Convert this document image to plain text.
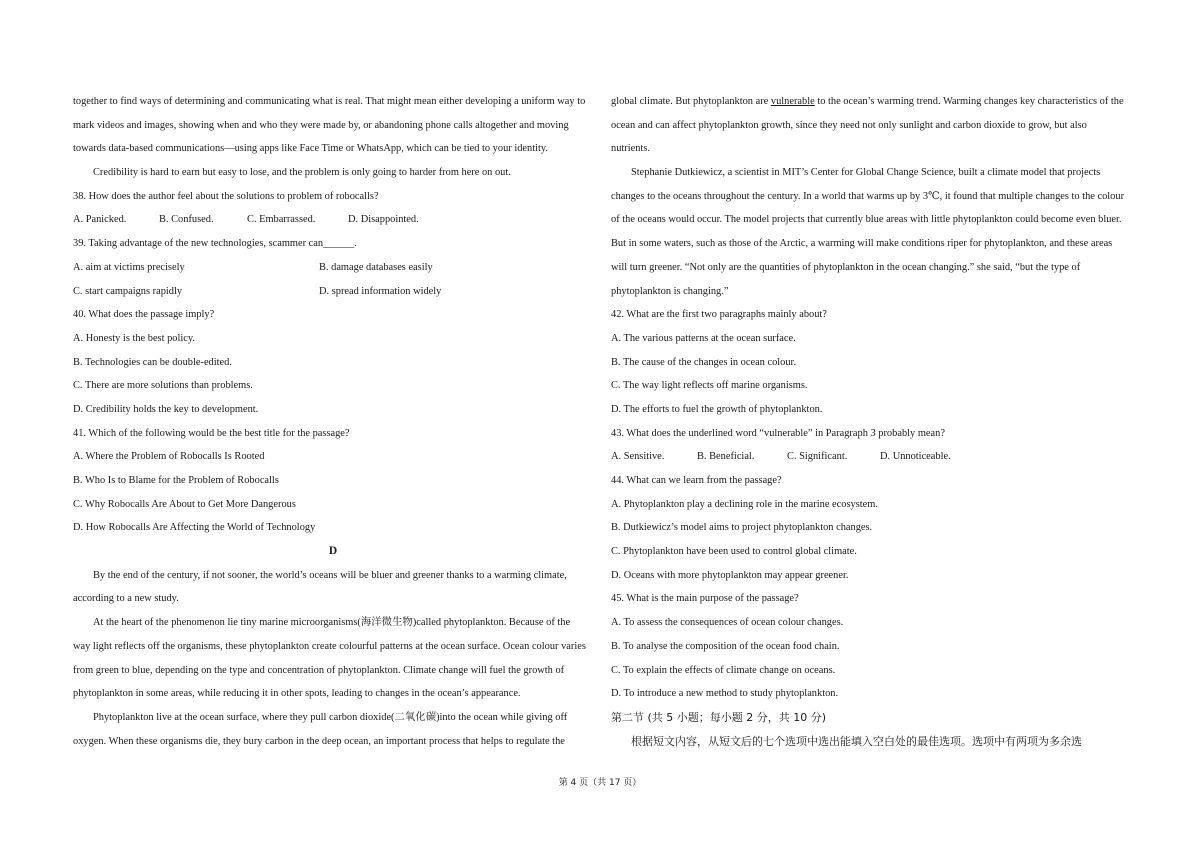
together to find ways of determining and communicating what is real. That might mean either developing a uniform way to
mark videos and images, showing when and who they were made by, or abandoning phone calls altogether and moving
towards data-based communications—using apps like Face Time or WhatsApp, which can be tied to your identity.
Credibility is hard to earn but easy to lose, and the problem is only going to harder from here on out.
38. How does the author feel about the solutions to problem of robocalls?
A. Panicked.	B. Confused.	C. Embarrassed.	D. Disappointed.
39. Taking advantage of the new technologies, scammer can______.
A. aim at victims precisely	B. damage databases easily
C. start campaigns rapidly	D. spread information widely
40. What does the passage imply?
A. Honesty is the best policy.
B. Technologies can be double-edited.
C. There are more solutions than problems.
D. Credibility holds the key to development.
41. Which of the following would be the best title for the passage?
A. Where the Problem of Robocalls Is Rooted
B. Who Is to Blame for the Problem of Robocalls
C. Why Robocalls Are About to Get More Dangerous
D. How Robocalls Are Affecting the World of Technology
D
By the end of the century, if not sooner, the world’s oceans will be bluer and greener thanks to a warming climate,
according to a new study.
At the heart of the phenomenon lie tiny marine microorganisms(海洋微生物)called phytoplankton. Because of the
way light reflects off the organisms, these phytoplankton create colourful patterns at the ocean surface. Ocean colour varies
from green to blue, depending on the type and concentration of phytoplankton. Climate change will fuel the growth of
phytoplankton in some areas, while reducing it in other spots, leading to changes in the ocean’s appearance.
Phytoplankton live at the ocean surface, where they pull carbon dioxide(二氧化碳)into the ocean while giving off
oxygen. When these organisms die, they bury carbon in the deep ocean, an important process that helps to regulate the
global climate. But phytoplankton are vulnerable to the ocean’s warming trend. Warming changes key characteristics of the
ocean and can affect phytoplankton growth, since they need not only sunlight and carbon dioxide to grow, but also
nutrients.
Stephanie Dutkiewicz, a scientist in MIT’s Center for Global Change Science, built a climate model that projects
changes to the oceans throughout the century. In a world that warms up by 3℃, it found that multiple changes to the colour
of the oceans would occur. The model projects that currently blue areas with little phytoplankton could become even bluer.
But in some waters, such as those of the Arctic, a warming will make conditions riper for phytoplankton, and these areas
will turn greener. “Not only are the quantities of phytoplankton in the ocean changing.” she said, “but the type of
phytoplankton is changing.”
42. What are the first two paragraphs mainly about?
A. The various patterns at the ocean surface.
B. The cause of the changes in ocean colour.
C. The way light reflects off marine organisms.
D. The efforts to fuel the growth of phytoplankton.
43. What does the underlined word “vulnerable” in Paragraph 3 probably mean?
A. Sensitive.	B. Beneficial.	C. Significant.	D. Unnoticeable.
44. What can we learn from the passage?
A. Phytoplankton play a declining role in the marine ecosystem.
B. Dutkiewicz’s model aims to project phytoplankton changes.
C. Phytoplankton have been used to control global climate.
D. Oceans with more phytoplankton may appear greener.
45. What is the main purpose of the passage?
A. To assess the consequences of ocean colour changes.
B. To analyse the composition of the ocean food chain.
C. To explain the effects of climate change on oceans.
D. To introduce a new method to study phytoplankton.
第二节 (共 5 小题；每小题 2 分，共 10 分)
根据短文内容，从短文后的七个选项中选出能填入空白处的最佳选项。选项中有两项为多余选
第 4 页（共 17 页）
